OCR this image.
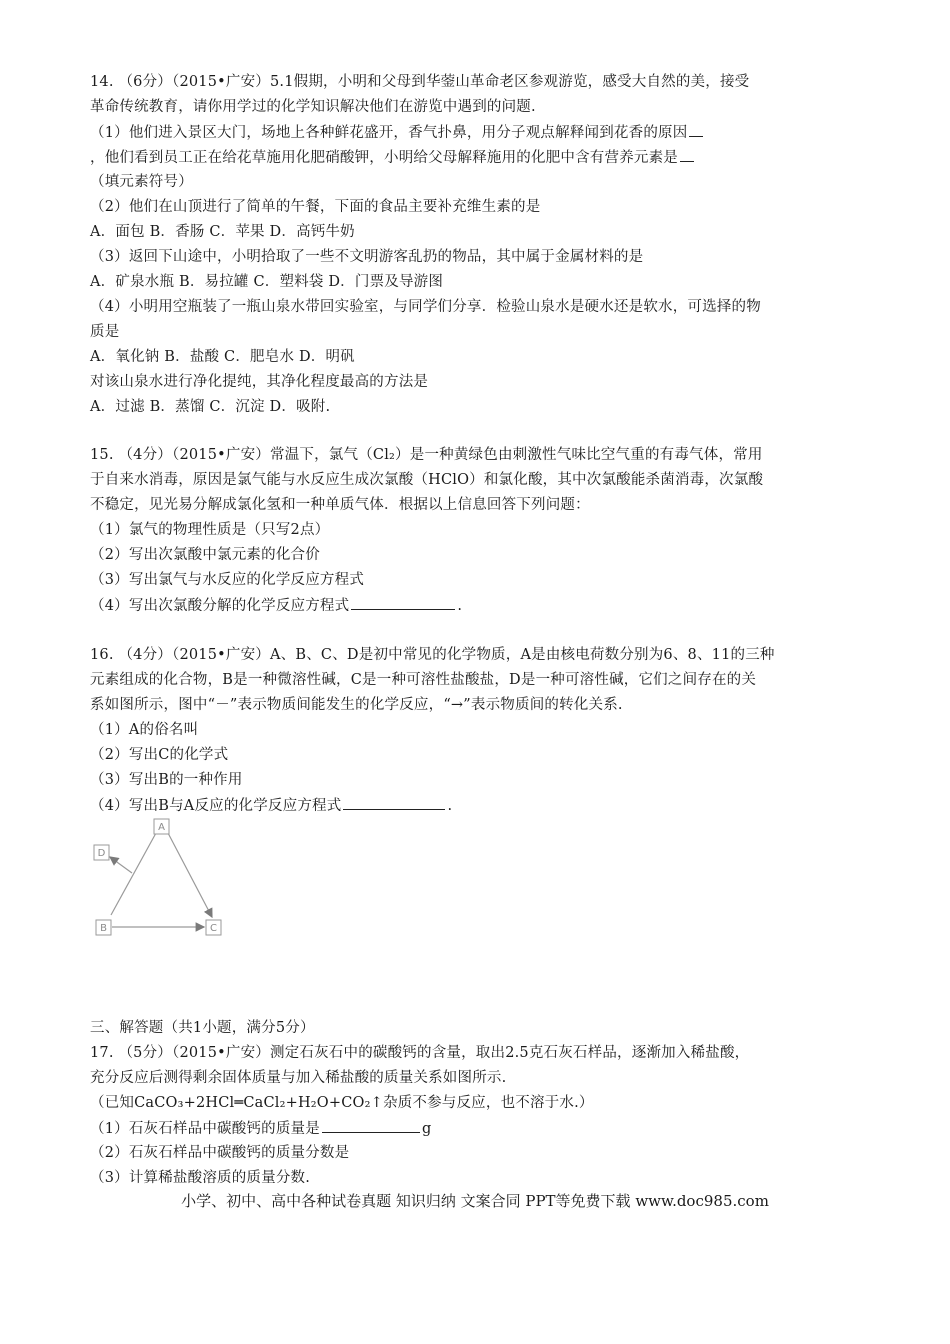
14. （6分）（2015•广安）5.1假期，小明和父母到华蓥山革命老区参观游览，感受大自然的美，接受
革命传统教育，请你用学过的化学知识解决他们在游览中遇到的问题.
（1）他们进入景区大门，场地上各种鲜花盛开，香气扑鼻，用分子观点解释闻到花香的原因
，他们看到员工正在给花草施用化肥硝酸钾，小明给父母解释施用的化肥中含有营养元素是
（填元素符号）
（2）他们在山顶进行了简单的午餐，下面的食品主要补充维生素的是
A．面包 B．香肠 C．苹果 D．高钙牛奶
（3）返回下山途中，小明拾取了一些不文明游客乱扔的物品，其中属于金属材料的是
A．矿泉水瓶 B．易拉罐 C．塑料袋 D．门票及导游图
（4）小明用空瓶装了一瓶山泉水带回实验室，与同学们分享．检验山泉水是硬水还是软水，可选择的物
质是
A．氧化钠 B．盐酸 C．肥皂水 D．明矾
对该山泉水进行净化提纯，其净化程度最高的方法是
A．过滤 B．蒸馏 C．沉淀 D．吸附.
15. （4分）（2015•广安）常温下，氯气（Cl₂）是一种黄绿色由刺激性气味比空气重的有毒气体，常用
于自来水消毒，原因是氯气能与水反应生成次氯酸（HClO）和氯化酸，其中次氯酸能杀菌消毒，次氯酸
不稳定，见光易分解成氯化氢和一种单质气体．根据以上信息回答下列问题：
（1）氯气的物理性质是（只写2点）
（2）写出次氯酸中氯元素的化合价
（3）写出氯气与水反应的化学反应方程式
（4）写出次氯酸分解的化学反应方程式	.
16. （4分）（2015•广安）A、B、C、D是初中常见的化学物质，A是由核电荷数分别为6、8、11的三种
元素组成的化合物，B是一种微溶性碱，C是一种可溶性盐酸盐，D是一种可溶性碱，它们之间存在的关
系如图所示，图中“－”表示物质间能发生的化学反应，“→”表示物质间的转化关系.
（1）A的俗名叫
（2）写出C的化学式
（3）写出B的一种作用
（4）写出B与A反应的化学反应方程式	.
A
D
B	C
三、解答题（共1小题，满分5分）
17. （5分）（2015•广安）测定石灰石中的碳酸钙的含量，取出2.5克石灰石样品，逐渐加入稀盐酸，
充分反应后测得剩余固体质量与加入稀盐酸的质量关系如图所示.
（已知CaCO₃+2HCl═CaCl₂+H₂O+CO₂↑杂质不参与反应，也不溶于水.）
（1）石灰石样品中碳酸钙的质量是	g
（2）石灰石样品中碳酸钙的质量分数是
（3）计算稀盐酸溶质的质量分数.
小学、初中、高中各种试卷真题 知识归纳 文案合同 PPT等免费下载 www.doc985.com
